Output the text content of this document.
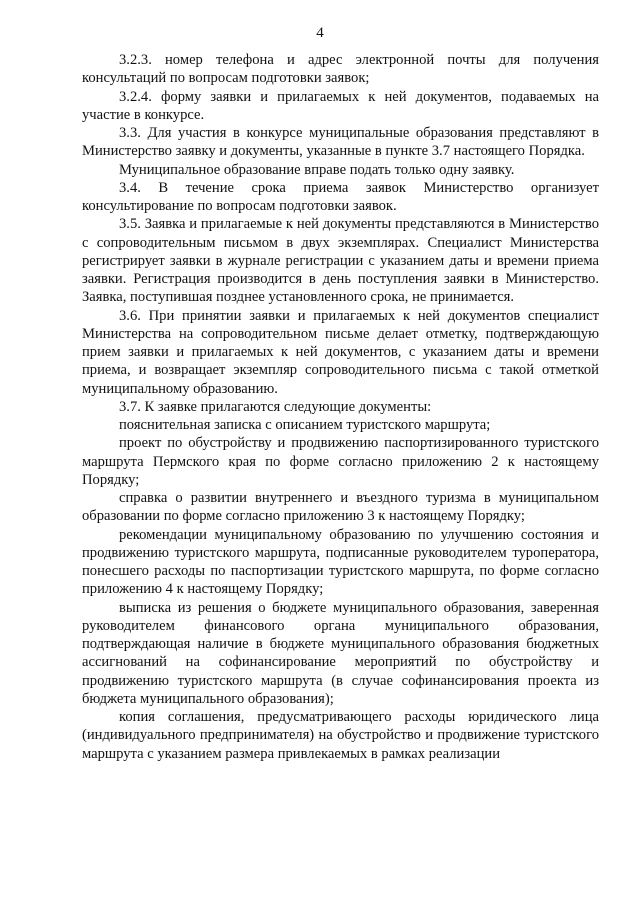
4

3.2.3. номер телефона и адрес электронной почты для получения консультаций по вопросам подготовки заявок;

3.2.4. форму заявки и прилагаемых к ней документов, подаваемых на участие в конкурсе.

3.3. Для участия в конкурсе муниципальные образования представляют в Министерство заявку и документы, указанные в пункте 3.7 настоящего Порядка.

Муниципальное образование вправе подать только одну заявку.

3.4. В течение срока приема заявок Министерство организует консультирование по вопросам подготовки заявок.

3.5. Заявка и прилагаемые к ней документы представляются в Министерство с сопроводительным письмом в двух экземплярах. Специалист Министерства регистрирует заявки в журнале регистрации с указанием даты и времени приема заявки. Регистрация производится в день поступления заявки в Министерство. Заявка, поступившая позднее установленного срока, не принимается.

3.6. При принятии заявки и прилагаемых к ней документов специалист Министерства на сопроводительном письме делает отметку, подтверждающую прием заявки и прилагаемых к ней документов, с указанием даты и времени приема, и возвращает экземпляр сопроводительного письма с такой отметкой муниципальному образованию.

3.7. К заявке прилагаются следующие документы:

пояснительная записка с описанием туристского маршрута;

проект по обустройству и продвижению паспортизированного туристского маршрута Пермского края по форме согласно приложению 2 к настоящему Порядку;

справка о развитии внутреннего и въездного туризма в муниципальном образовании по форме согласно приложению 3 к настоящему Порядку;

рекомендации муниципальному образованию по улучшению состояния и продвижению туристского маршрута, подписанные руководителем туроператора, понесшего расходы по паспортизации туристского маршрута, по форме согласно приложению 4 к настоящему Порядку;

выписка из решения о бюджете муниципального образования, заверенная руководителем финансового органа муниципального образования, подтверждающая наличие в бюджете муниципального образования бюджетных ассигнований на софинансирование мероприятий по обустройству и продвижению туристского маршрута (в случае софинансирования проекта из бюджета муниципального образования);

копия соглашения, предусматривающего расходы юридического лица (индивидуального предпринимателя) на обустройство и продвижение туристского маршрута с указанием размера привлекаемых в рамках реализации
